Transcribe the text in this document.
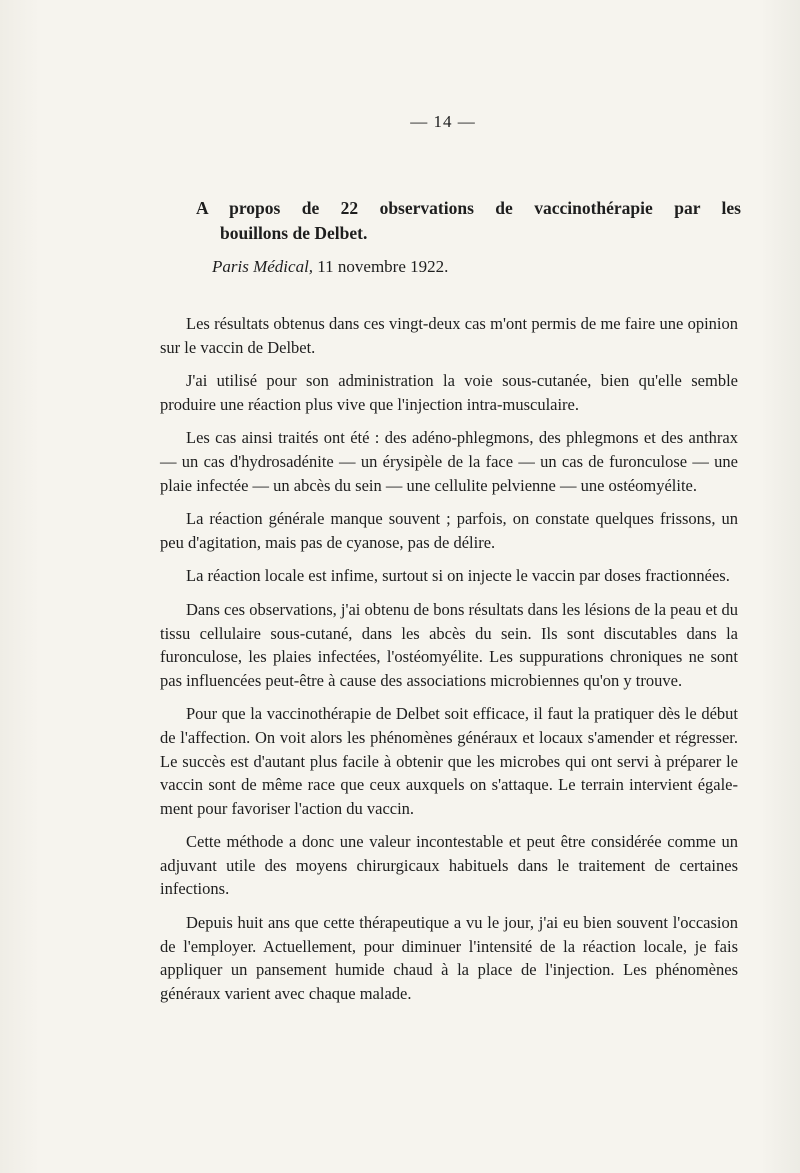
— 14 —
A propos de 22 observations de vaccinothérapie par les
bouillons de Delbet.

Paris Médical, 11 novembre 1922.

Les résultats obtenus dans ces vingt-deux cas m'ont permis de me faire une opinion sur le vaccin de Delbet.

J'ai utilisé pour son administration la voie sous-cutanée, bien qu'elle semble produire une réaction plus vive que l'injection intra-musculaire.

Les cas ainsi traités ont été : des adéno-phlegmons, des phlegmons et des anthrax — un cas d'hydrosadénite — un érysipèle de la face — un cas de furonculose — une plaie infectée — un abcès du sein — une cellulite pelvienne — une ostéomyélite.

La réaction générale manque souvent ; parfois, on constate quelques frissons, un peu d'agitation, mais pas de cyanose, pas de délire.

La réaction locale est infime, surtout si on injecte le vaccin par doses fractionnées.

Dans ces observations, j'ai obtenu de bons résultats dans les lésions de la peau et du tissu cellulaire sous-cutané, dans les abcès du sein. Ils sont discutables dans la furonculose, les plaies infectées, l'ostéomyélite. Les suppurations chroniques ne sont pas influencées peut-être à cause des associations microbiennes qu'on y trouve.

Pour que la vaccinothérapie de Delbet soit efficace, il faut la pratiquer dès le début de l'affection. On voit alors les phénomènes généraux et locaux s'amender et régresser. Le succès est d'autant plus facile à obtenir que les microbes qui ont servi à préparer le vaccin sont de même race que ceux auxquels on s'attaque. Le terrain intervient également pour favoriser l'action du vaccin.

Cette méthode a donc une valeur incontestable et peut être considérée comme un adjuvant utile des moyens chirurgicaux habituels dans le traitement de certaines infections.

Depuis huit ans que cette thérapeutique a vu le jour, j'ai eu bien souvent l'occasion de l'employer. Actuellement, pour diminuer l'intensité de la réaction locale, je fais appliquer un pansement humide chaud à la place de l'injection. Les phénomènes généraux varient avec chaque malade.
